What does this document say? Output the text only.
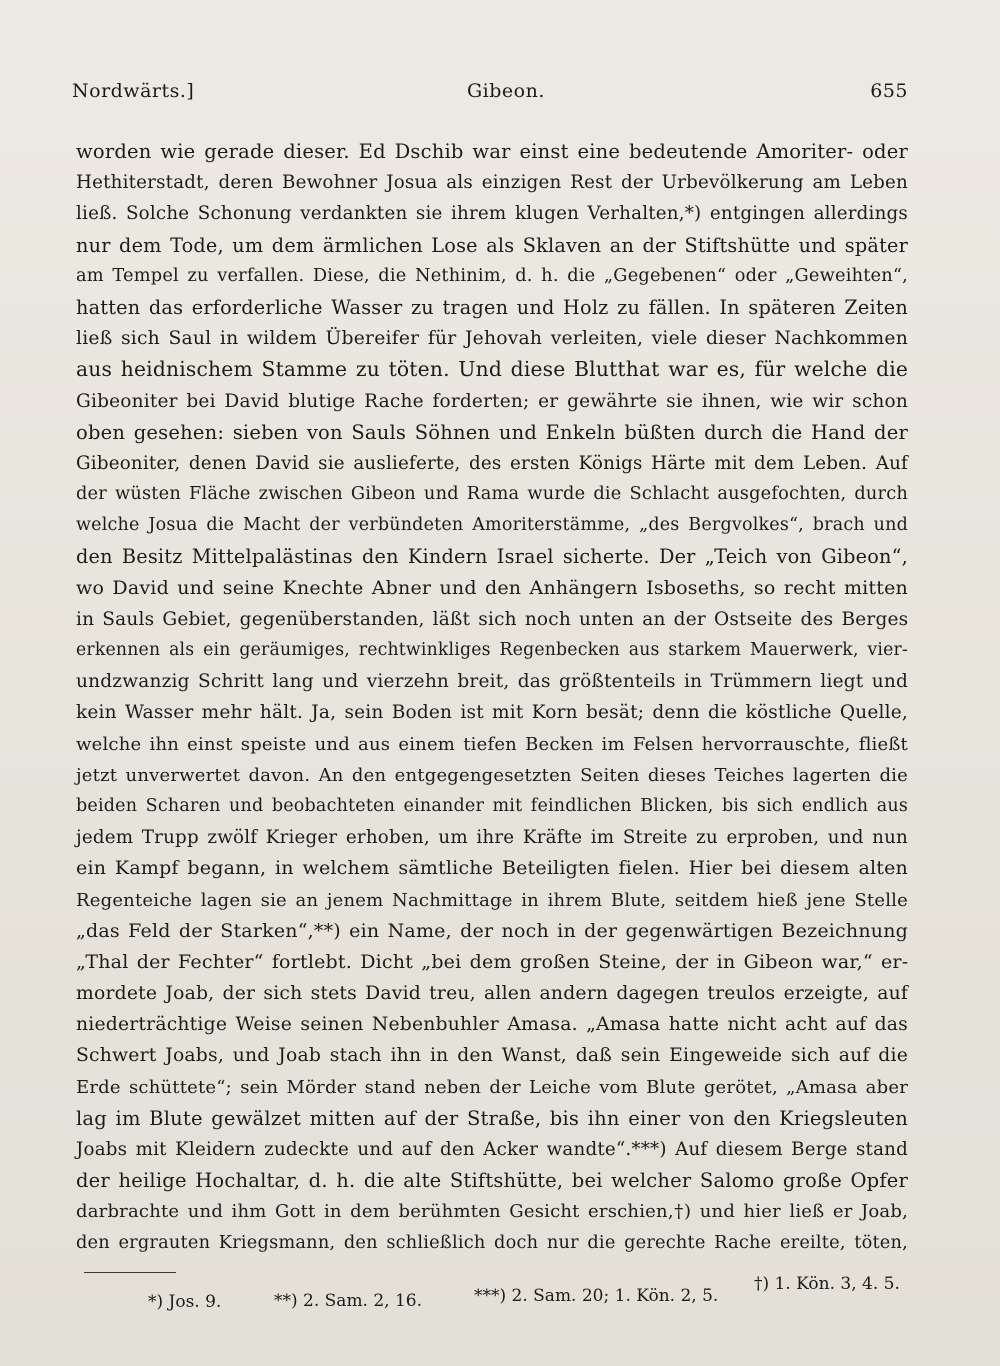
Nordwärts.]	Gibeon.	655
worden wie gerade dieser. Ed Dschib war einst eine bedeutende Amoriter- oder
Hethiterstadt, deren Bewohner Josua als einzigen Rest der Urbevölkerung am Leben
ließ. Solche Schonung verdankten sie ihrem klugen Verhalten,*) entgingen allerdings
nur dem Tode, um dem ärmlichen Lose als Sklaven an der Stiftshütte und später
am Tempel zu verfallen. Diese, die Nethinim, d. h. die „Gegebenen“ oder „Geweihten“,
hatten das erforderliche Wasser zu tragen und Holz zu fällen. In späteren Zeiten
ließ sich Saul in wildem Übereifer für Jehovah verleiten, viele dieser Nachkommen
aus heidnischem Stamme zu töten. Und diese Blutthat war es, für welche die
Gibeoniter bei David blutige Rache forderten; er gewährte sie ihnen, wie wir schon
oben gesehen: sieben von Sauls Söhnen und Enkeln büßten durch die Hand der
Gibeoniter, denen David sie auslieferte, des ersten Königs Härte mit dem Leben. Auf
der wüsten Fläche zwischen Gibeon und Rama wurde die Schlacht ausgefochten, durch
welche Josua die Macht der verbündeten Amoriterstämme, „des Bergvolkes“, brach und
den Besitz Mittelpalästinas den Kindern Israel sicherte. Der „Teich von Gibeon“,
wo David und seine Knechte Abner und den Anhängern Isboseths, so recht mitten
in Sauls Gebiet, gegenüberstanden, läßt sich noch unten an der Ostseite des Berges
erkennen als ein geräumiges, rechtwinkliges Regenbecken aus starkem Mauerwerk, vier-
undzwanzig Schritt lang und vierzehn breit, das größtenteils in Trümmern liegt und
kein Wasser mehr hält. Ja, sein Boden ist mit Korn besät; denn die köstliche Quelle,
welche ihn einst speiste und aus einem tiefen Becken im Felsen hervorrauschte, fließt
jetzt unverwertet davon. An den entgegengesetzten Seiten dieses Teiches lagerten die
beiden Scharen und beobachteten einander mit feindlichen Blicken, bis sich endlich aus
jedem Trupp zwölf Krieger erhoben, um ihre Kräfte im Streite zu erproben, und nun
ein Kampf begann, in welchem sämtliche Beteiligten fielen. Hier bei diesem alten
Regenteiche lagen sie an jenem Nachmittage in ihrem Blute, seitdem hieß jene Stelle
„das Feld der Starken“,**) ein Name, der noch in der gegenwärtigen Bezeichnung
„Thal der Fechter“ fortlebt. Dicht „bei dem großen Steine, der in Gibeon war,“ er-
mordete Joab, der sich stets David treu, allen andern dagegen treulos erzeigte, auf
niederträchtige Weise seinen Nebenbuhler Amasa. „Amasa hatte nicht acht auf das
Schwert Joabs, und Joab stach ihn in den Wanst, daß sein Eingeweide sich auf die
Erde schüttete“; sein Mörder stand neben der Leiche vom Blute gerötet, „Amasa aber
lag im Blute gewälzet mitten auf der Straße, bis ihn einer von den Kriegsleuten
Joabs mit Kleidern zudeckte und auf den Acker wandte“.***) Auf diesem Berge stand
der heilige Hochaltar, d. h. die alte Stiftshütte, bei welcher Salomo große Opfer
darbrachte und ihm Gott in dem berühmten Gesicht erschien,†) und hier ließ er Joab,
den ergrauten Kriegsmann, den schließlich doch nur die gerechte Rache ereilte, töten,
*) Jos. 9.	**) 2. Sam. 2, 16.	***) 2. Sam. 20; 1. Kön. 2, 5.
†) 1. Kön. 3, 4. 5.
